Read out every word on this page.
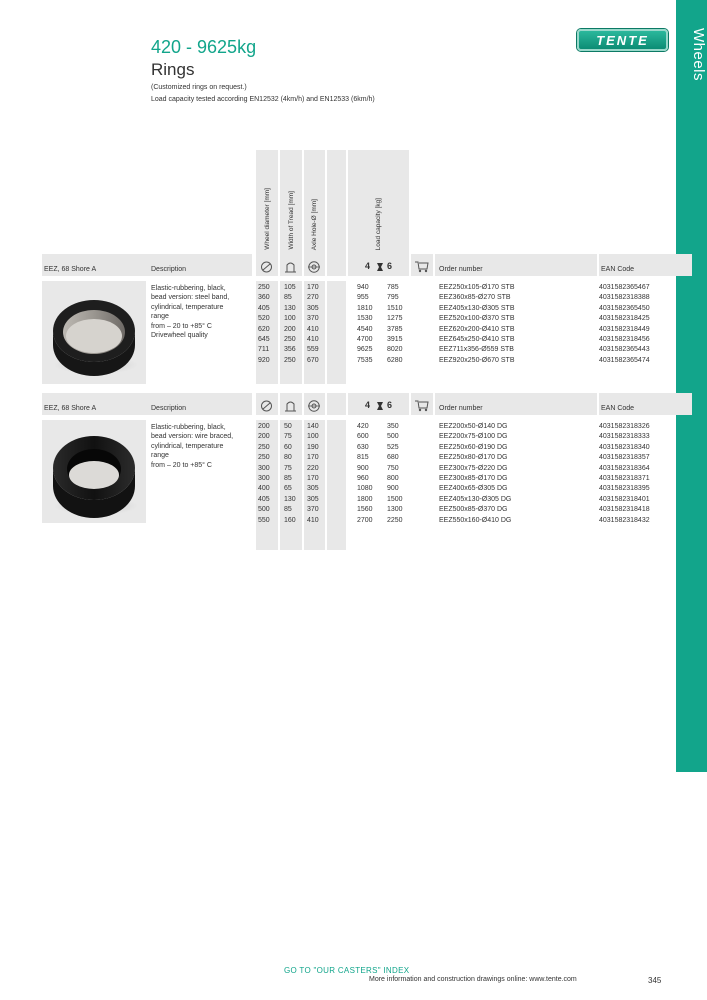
Wheels
TENTE
420 - 9625kg
Rings
(Customized rings on request.)
Load capacity tested according EN12532 (4km/h) and EN12533 (6km/h)
Wheel diameter [mm]	Width of Tread [mm]	Axle Hole-Ø [mm]	Load capacity [kg]
EEZ, 68 Shore A	Description	Order number	EAN Code
4 6
Elastic-rubbering, black,
bead version: steel band,
cylindrical, temperature
range
from – 20 to +85° C
Drivewheel quality
250 105 170	940	785	EEZ250x105-Ø170 STB	4031582365467
360 85 270	955	795	EEZ360x85-Ø270 STB	4031582318388
405 130 305	1810 1510	EEZ405x130-Ø305 STB	4031582365450
520 100 370	1530 1275	EEZ520x100-Ø370 STB	4031582318425
620 200 410	4540 3785	EEZ620x200-Ø410 STB	4031582318449
645 250 410	4700 3915	EEZ645x250-Ø410 STB	4031582318456
711 356 559	9625 8020	EEZ711x356-Ø559 STB	4031582365443
920 250 670	7535 6280	EEZ920x250-Ø670 STB	4031582365474
EEZ, 68 Shore A	Description	Order number	EAN Code
4 6
Elastic-rubbering, black,
bead version: wire braced,
cylindrical, temperature
range
from – 20 to +85° C
200 50 140	420	350	EEZ200x50-Ø140 DG	4031582318326
200 75 100	600	500	EEZ200x75-Ø100 DG	4031582318333
250 60 190	630	525	EEZ250x60-Ø190 DG	4031582318340
250 80 170	815	680	EEZ250x80-Ø170 DG	4031582318357
300 75 220	900	750	EEZ300x75-Ø220 DG	4031582318364
300 85 170	960	800	EEZ300x85-Ø170 DG	4031582318371
400 65 305	1080 900	EEZ400x65-Ø305 DG	4031582318395
405 130 305	1800 1500	EEZ405x130-Ø305 DG	4031582318401
500 85 370	1560 1300	EEZ500x85-Ø370 DG	4031582318418
550 160 410	2700 2250	EEZ550x160-Ø410 DG	4031582318432
GO TO "OUR CASTERS" INDEX
More information and construction drawings online: www.tente.com	345
